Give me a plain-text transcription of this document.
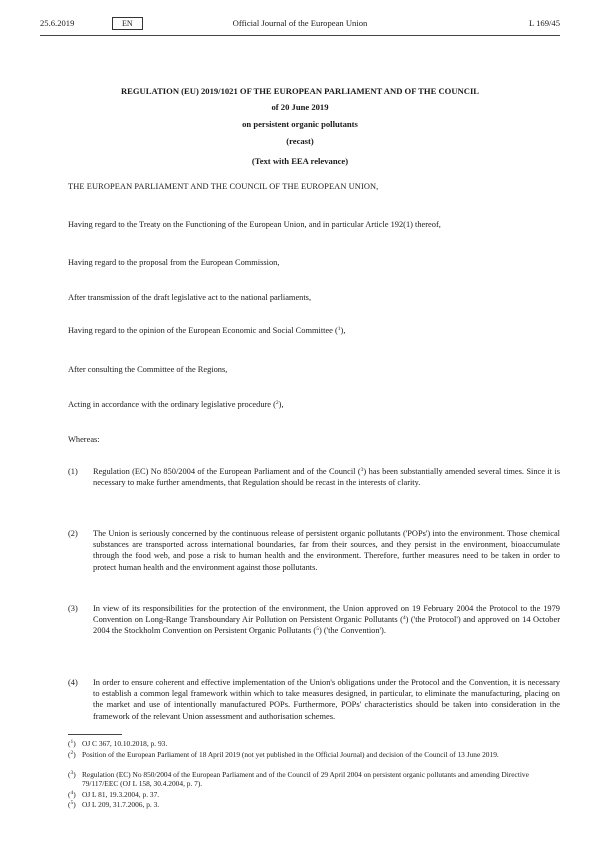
25.6.2019	EN	Official Journal of the European Union	L 169/45
REGULATION (EU) 2019/1021 OF THE EUROPEAN PARLIAMENT AND OF THE COUNCIL
of 20 June 2019
on persistent organic pollutants
(recast)
(Text with EEA relevance)
THE EUROPEAN PARLIAMENT AND THE COUNCIL OF THE EUROPEAN UNION,
Having regard to the Treaty on the Functioning of the European Union, and in particular Article 192(1) thereof,
Having regard to the proposal from the European Commission,
After transmission of the draft legislative act to the national parliaments,
Having regard to the opinion of the European Economic and Social Committee ($^1$),
After consulting the Committee of the Regions,
Acting in accordance with the ordinary legislative procedure ($^2$),
Whereas:
(1) Regulation (EC) No 850/2004 of the European Parliament and of the Council ($^3$) has been substantially amended several times. Since it is necessary to make further amendments, that Regulation should be recast in the interests of clarity.
(2) The Union is seriously concerned by the continuous release of persistent organic pollutants ('POPs') into the environment. Those chemical substances are transported across international boundaries, far from their sources, and they persist in the environment, bioaccumulate through the food web, and pose a risk to human health and the environment. Therefore, further measures need to be taken in order to protect human health and the environment against those pollutants.
(3) In view of its responsibilities for the protection of the environment, the Union approved on 19 February 2004 the Protocol to the 1979 Convention on Long-Range Transboundary Air Pollution on Persistent Organic Pollutants ($^4$) ('the Protocol') and approved on 14 October 2004 the Stockholm Convention on Persistent Organic Pollutants ($^5$) ('the Convention').
(4) In order to ensure coherent and effective implementation of the Union's obligations under the Protocol and the Convention, it is necessary to establish a common legal framework within which to take measures designed, in particular, to eliminate the manufacturing, placing on the market and use of intentionally manufactured POPs. Furthermore, POPs' characteristics should be taken into consideration in the framework of the relevant Union assessment and authorisation schemes.
($^1$) OJ C 367, 10.10.2018, p. 93.
($^2$) Position of the European Parliament of 18 April 2019 (not yet published in the Official Journal) and decision of the Council of 13 June 2019.
($^3$) Regulation (EC) No 850/2004 of the European Parliament and of the Council of 29 April 2004 on persistent organic pollutants and amending Directive 79/117/EEC (OJ L 158, 30.4.2004, p. 7).
($^4$) OJ L 81, 19.3.2004, p. 37.
($^5$) OJ L 209, 31.7.2006, p. 3.
